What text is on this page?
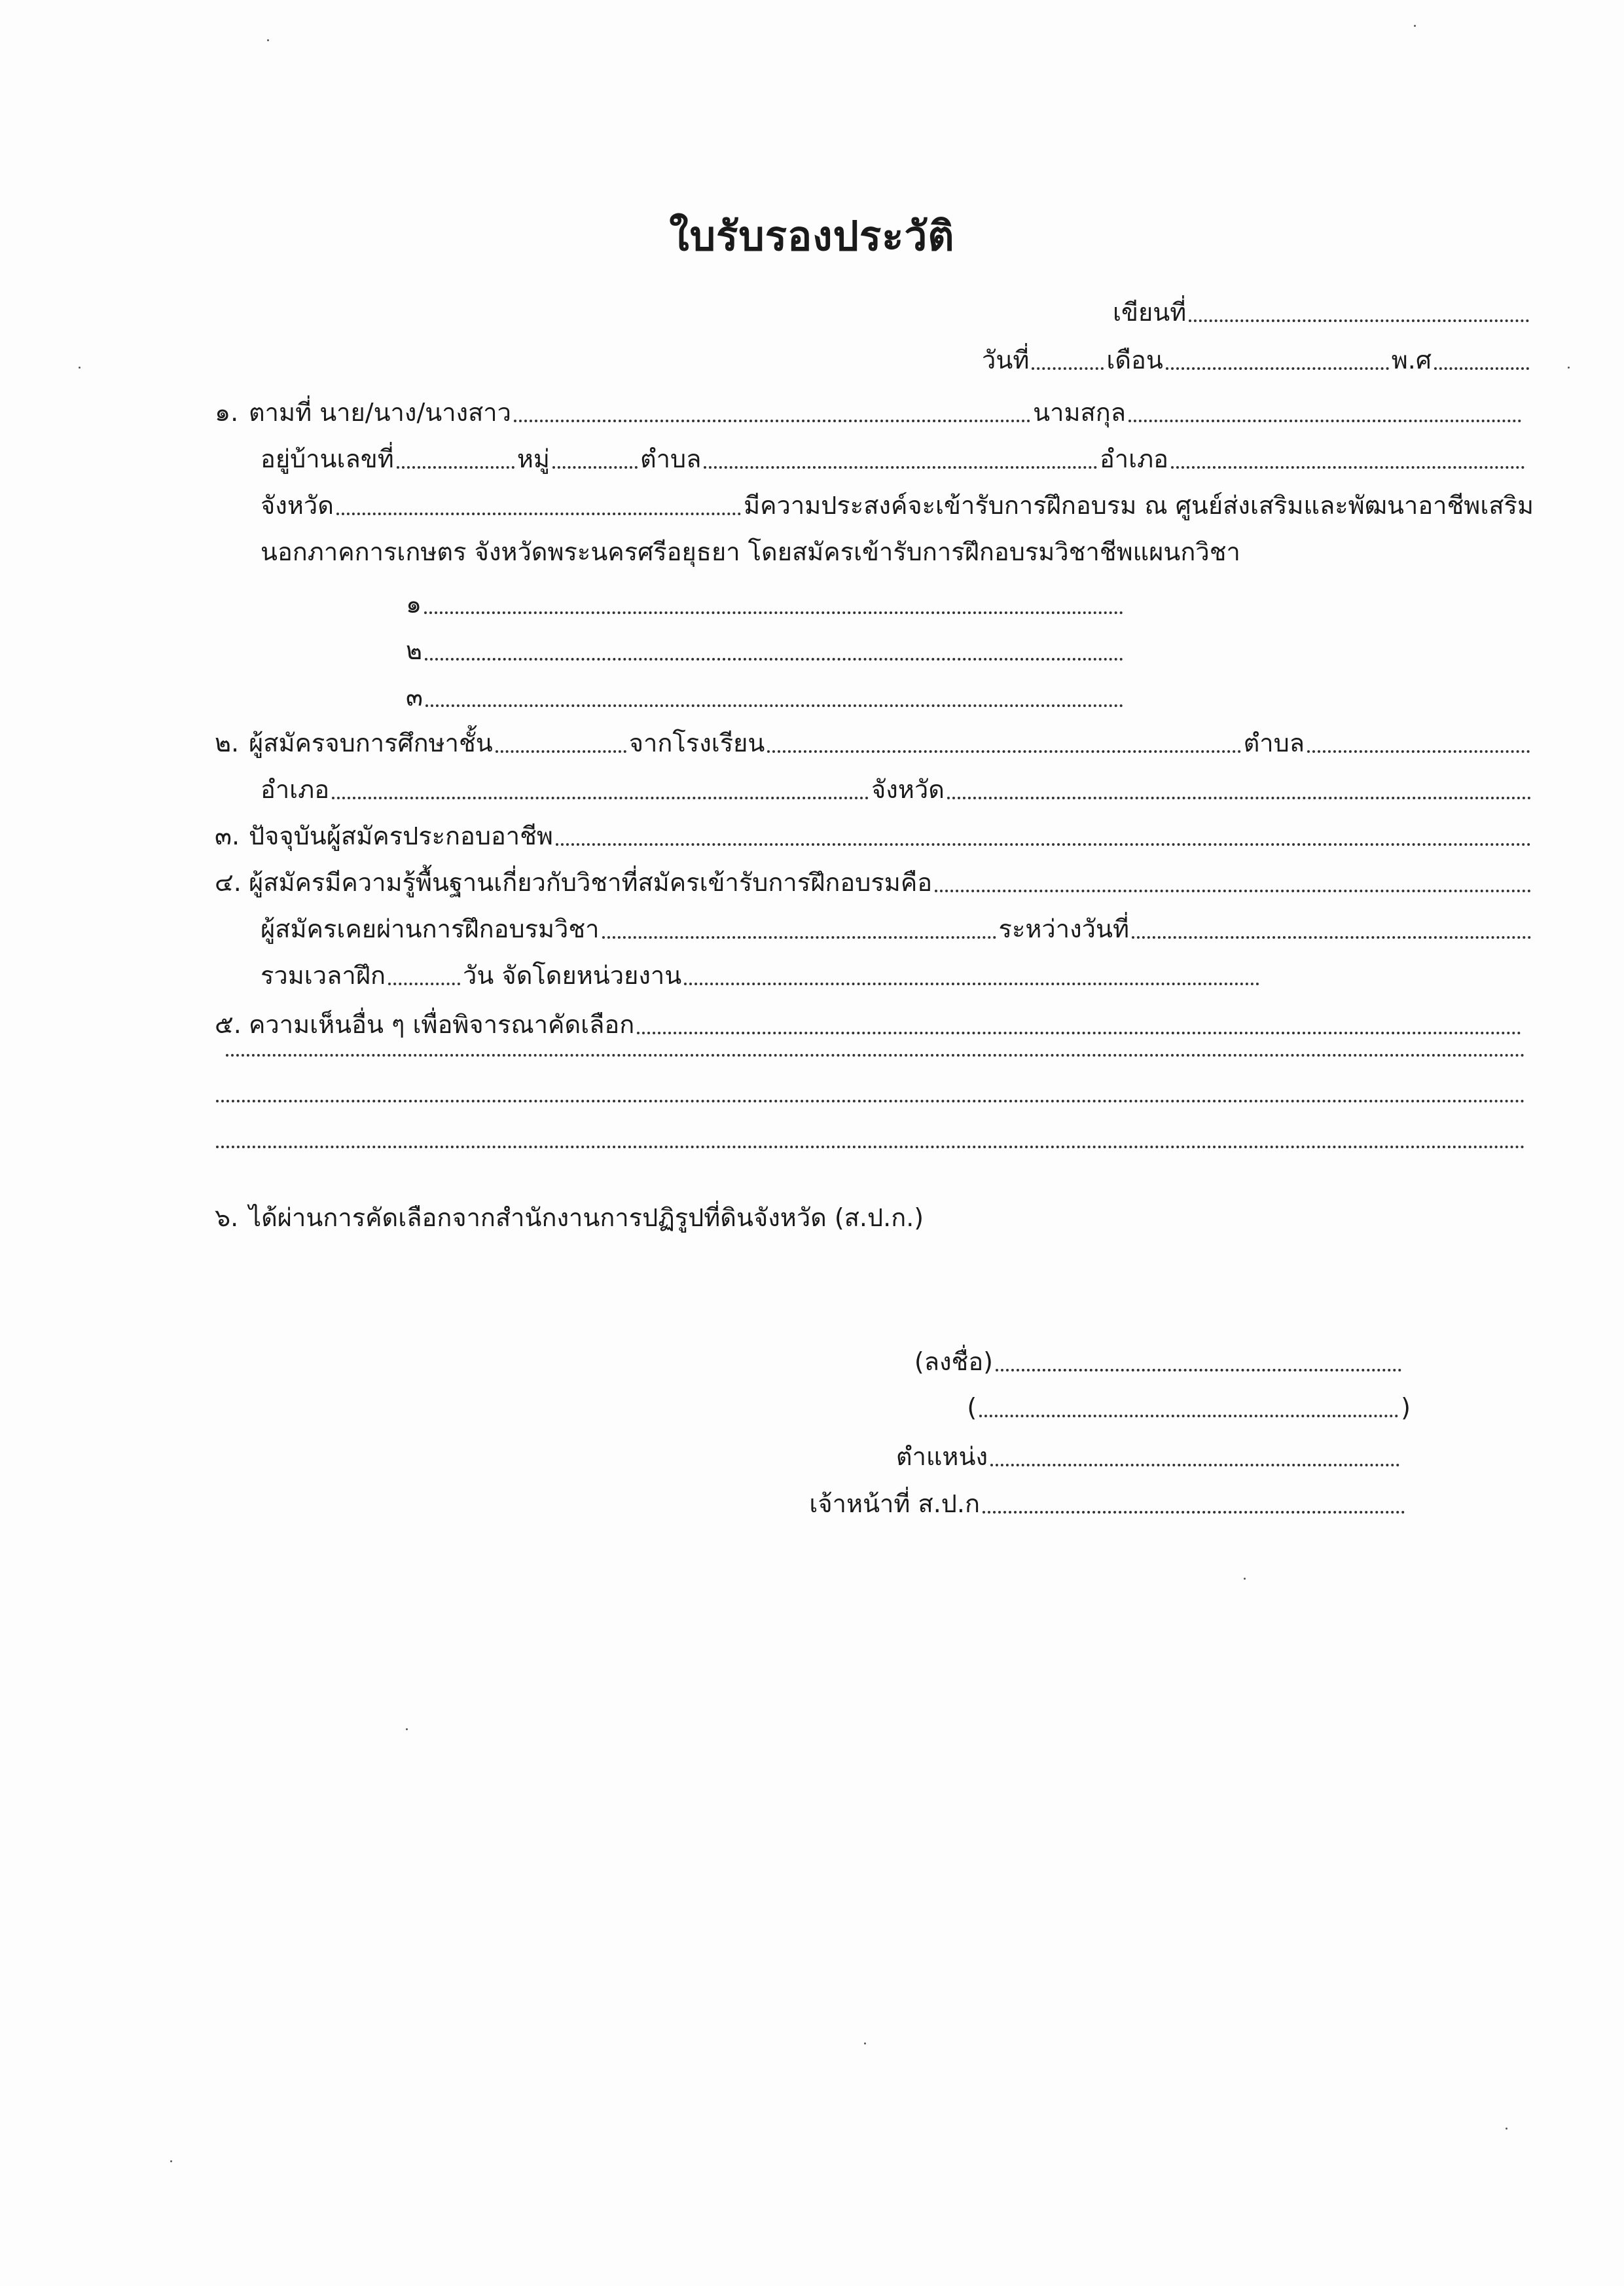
ใบรับรองประวัติ
เขียนที่
วันที่	เดือน	พ.ศ
๑. ตามที่ นาย/นาง/นางสาว	นามสกุล
อยู่บ้านเลขที่	หมู่	ตำบล	อำเภอ
จังหวัด	มีความประสงค์จะเข้ารับการฝึกอบรม ณ ศูนย์ส่งเสริมและพัฒนาอาชีพเสริม
นอกภาคการเกษตร จังหวัดพระนครศรีอยุธยา โดยสมัครเข้ารับการฝึกอบรมวิชาชีพแผนกวิชา
๑
๒
๓
๒. ผู้สมัครจบการศึกษาชั้น	จากโรงเรียน	ตำบล
อำเภอ	จังหวัด
๓. ปัจจุบันผู้สมัครประกอบอาชีพ
๔. ผู้สมัครมีความรู้พื้นฐานเกี่ยวกับวิชาที่สมัครเข้ารับการฝึกอบรมคือ
ผู้สมัครเคยผ่านการฝึกอบรมวิชา	ระหว่างวันที่
รวมเวลาฝึก	วัน จัดโดยหน่วยงาน
๕. ความเห็นอื่น ๆ เพื่อพิจารณาคัดเลือก
๖. ได้ผ่านการคัดเลือกจากสำนักงานการปฏิรูปที่ดินจังหวัด (ส.ป.ก.)
(ลงชื่อ)
(	)
ตำแหน่ง
เจ้าหน้าที่ ส.ป.ก
